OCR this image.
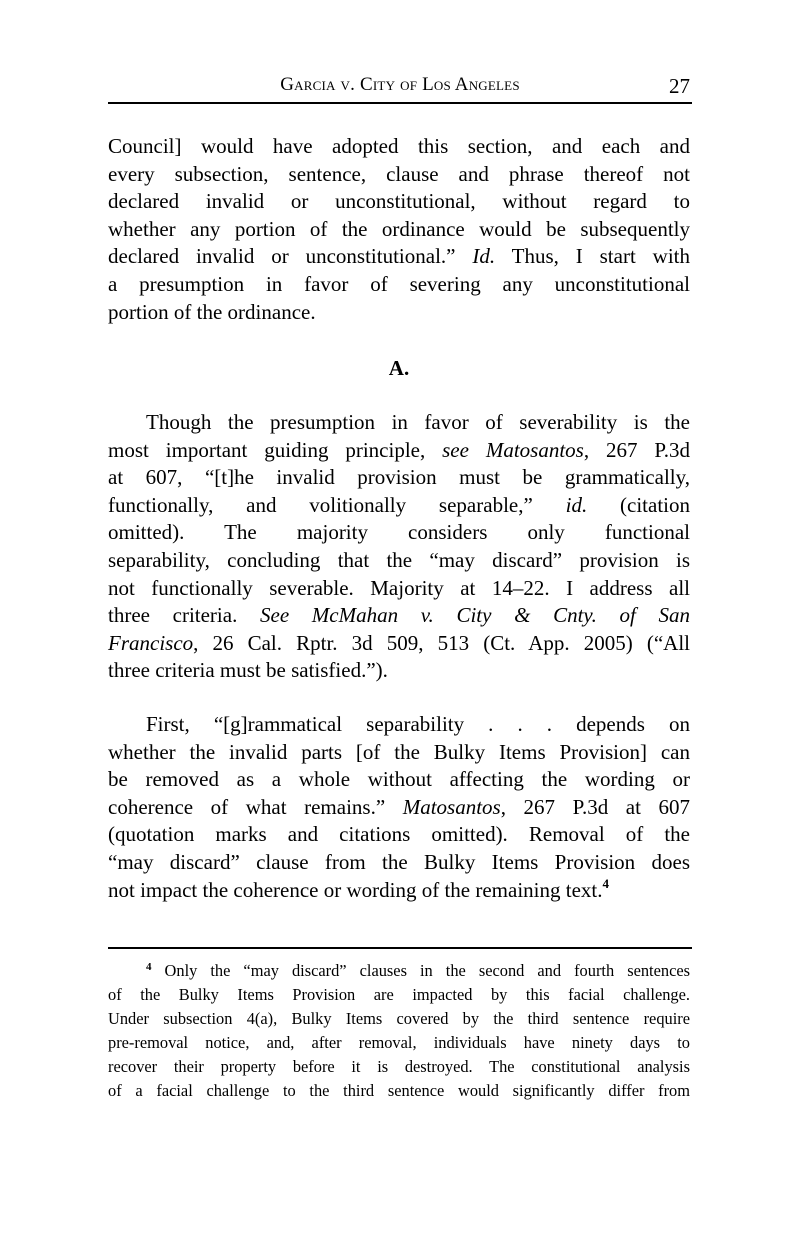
Garcia v. City of Los Angeles	27
Council] would have adopted this section, and each and
every subsection, sentence, clause and phrase thereof not
declared invalid or unconstitutional, without regard to
whether any portion of the ordinance would be subsequently
declared invalid or unconstitutional.” Id. Thus, I start with
a presumption in favor of severing any unconstitutional
portion of the ordinance.
A.
Though the presumption in favor of severability is the
most important guiding principle, see Matosantos, 267 P.3d
at 607, “[t]he invalid provision must be grammatically,
functionally, and volitionally separable,” id. (citation
omitted). The majority considers only functional
separability, concluding that the “may discard” provision is
not functionally severable. Majority at 14–22. I address all
three criteria. See McMahan v. City & Cnty. of San
Francisco, 26 Cal. Rptr. 3d 509, 513 (Ct. App. 2005) (“All
three criteria must be satisfied.”).
First, “[g]rammatical separability . . . depends on
whether the invalid parts [of the Bulky Items Provision] can
be removed as a whole without affecting the wording or
coherence of what remains.” Matosantos, 267 P.3d at 607
(quotation marks and citations omitted). Removal of the
“may discard” clause from the Bulky Items Provision does
not impact the coherence or wording of the remaining text.$^4$
$^4$ Only the “may discard” clauses in the second and fourth sentences
of the Bulky Items Provision are impacted by this facial challenge.
Under subsection 4(a), Bulky Items covered by the third sentence require
pre-removal notice, and, after removal, individuals have ninety days to
recover their property before it is destroyed. The constitutional analysis
of a facial challenge to the third sentence would significantly differ from
